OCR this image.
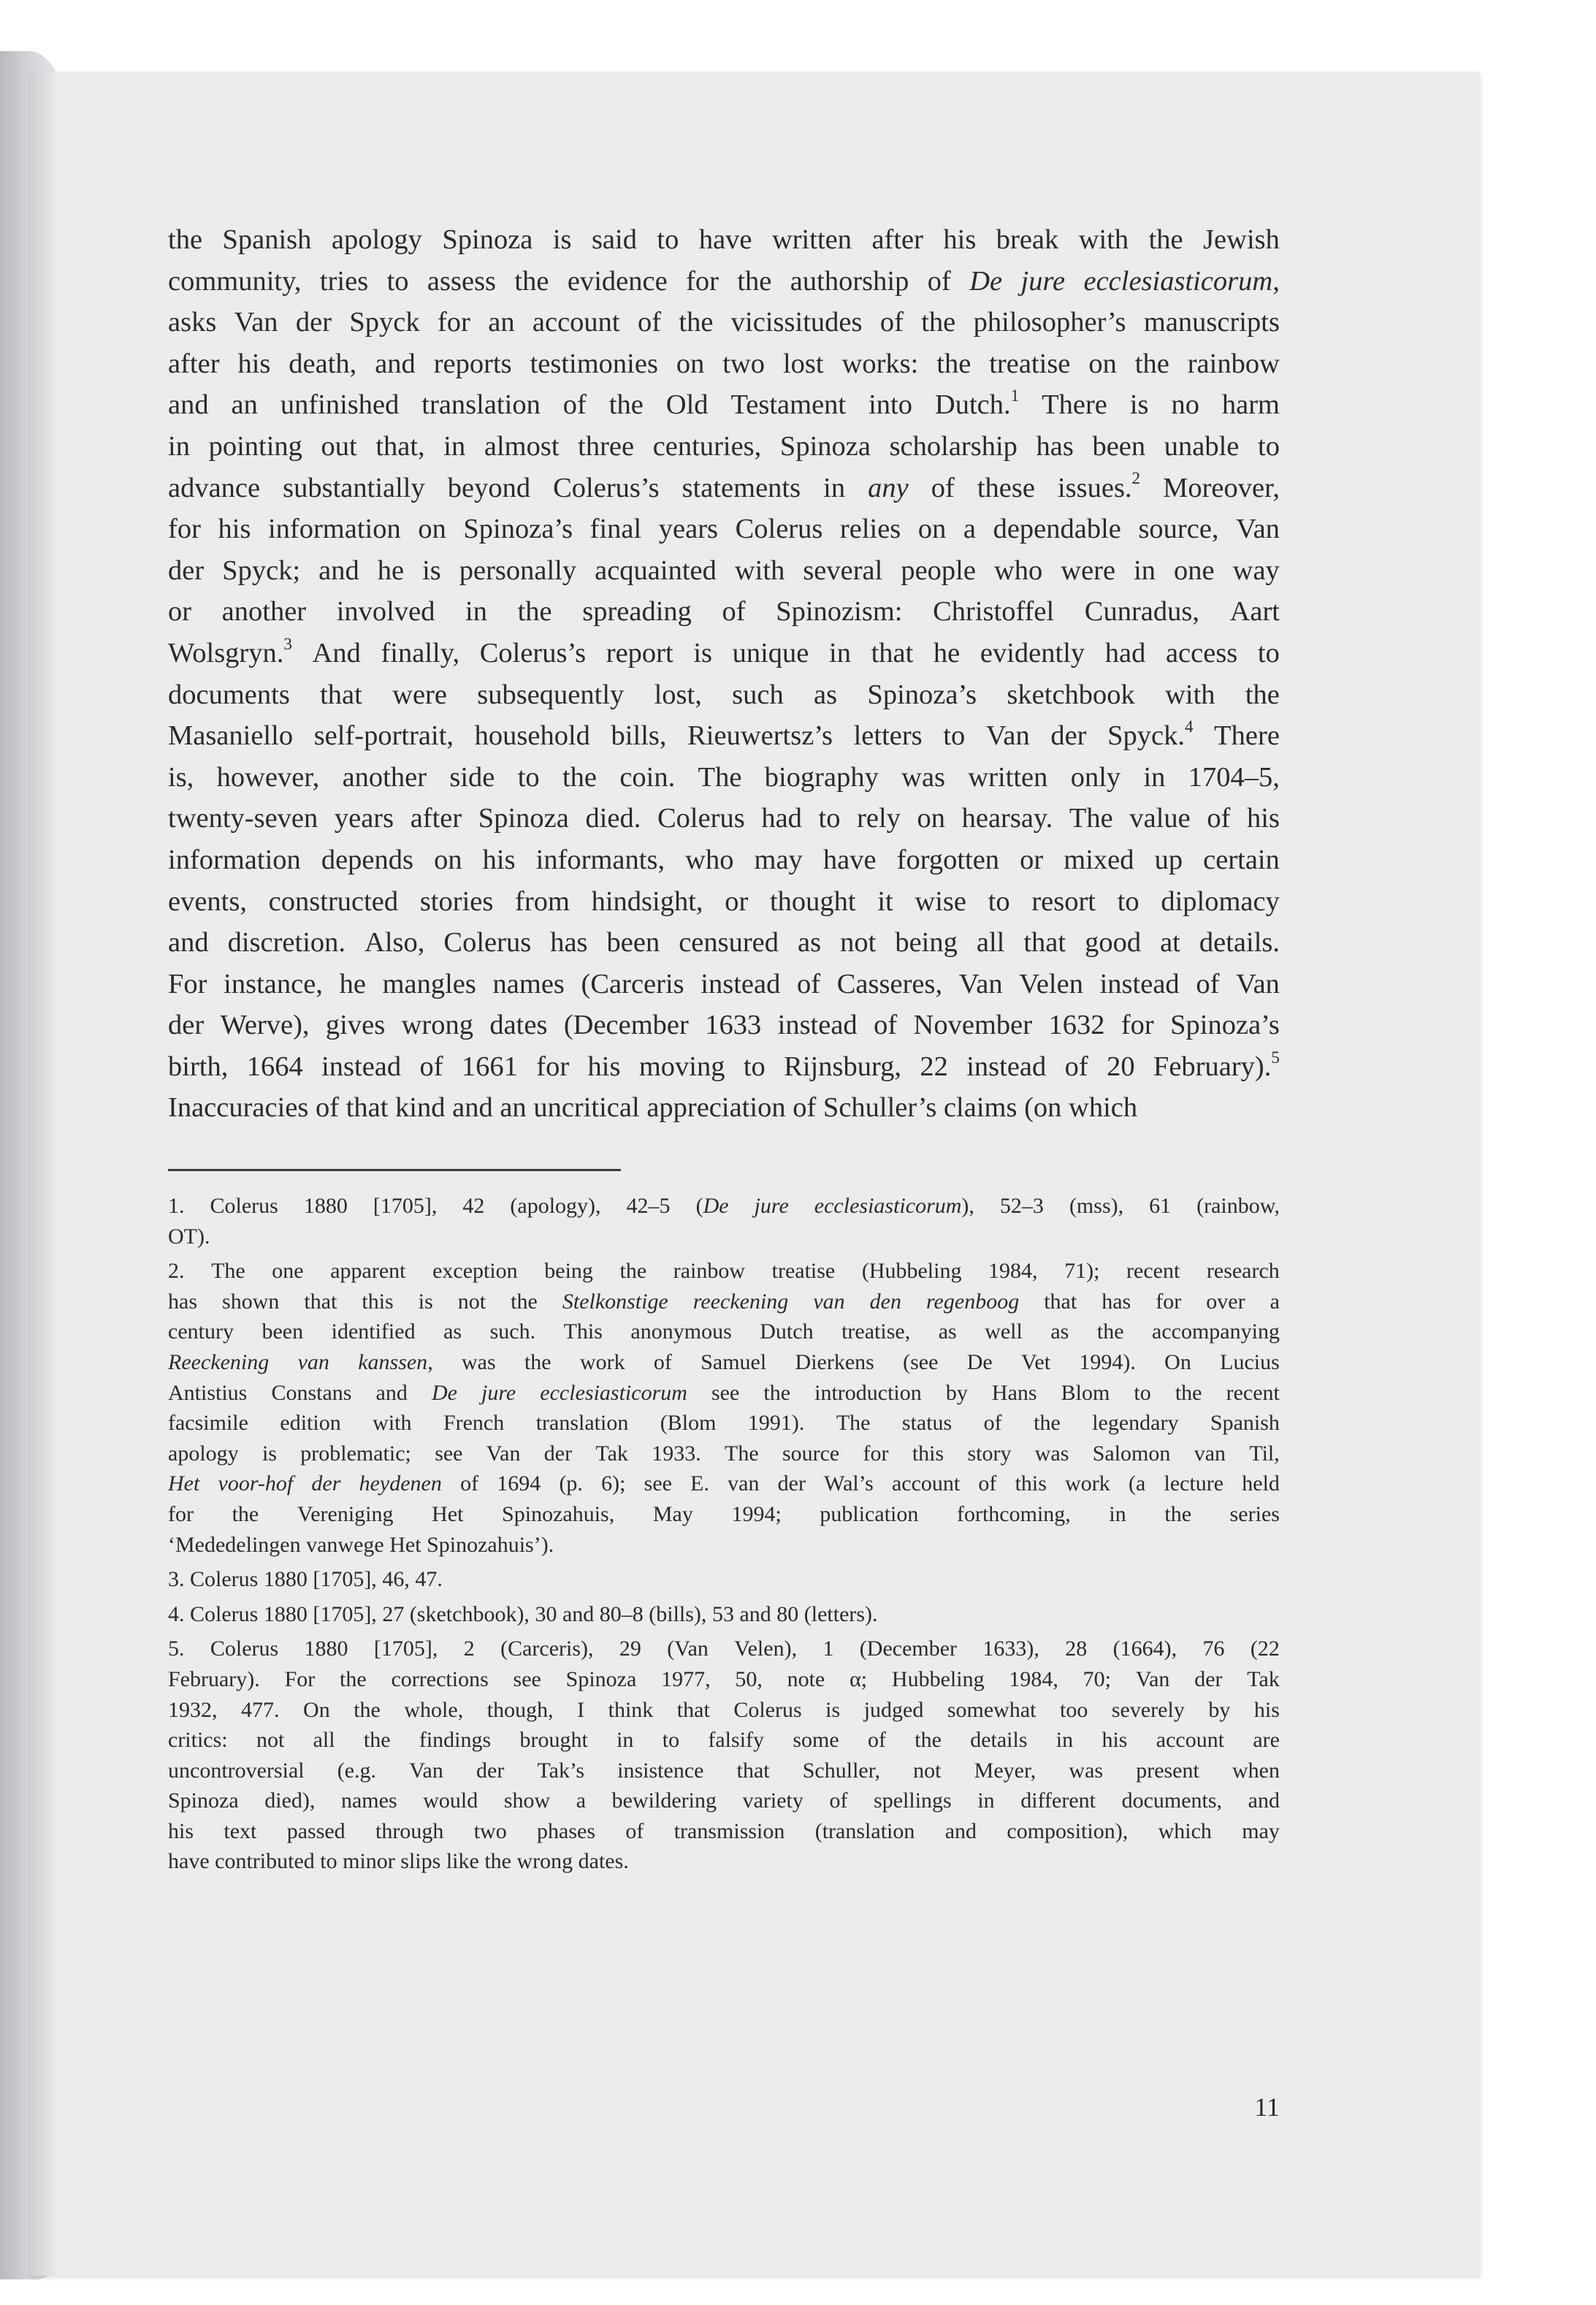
the Spanish apology Spinoza is said to have written after his break with the Jewish
community, tries to assess the evidence for the authorship of De jure ecclesiasticorum,
asks Van der Spyck for an account of the vicissitudes of the philosopher’s manuscripts
after his death, and reports testimonies on two lost works: the treatise on the rainbow
and an unfinished translation of the Old Testament into Dutch.$^1$ There is no harm
in pointing out that, in almost three centuries, Spinoza scholarship has been unable to
advance substantially beyond Colerus’s statements in any of these issues.$^2$ Moreover,
for his information on Spinoza’s final years Colerus relies on a dependable source, Van
der Spyck; and he is personally acquainted with several people who were in one way
or another involved in the spreading of Spinozism: Christoffel Cunradus, Aart
Wolsgryn.$^3$ And finally, Colerus’s report is unique in that he evidently had access to
documents that were subsequently lost, such as Spinoza’s sketchbook with the
Masaniello self-portrait, household bills, Rieuwertsz’s letters to Van der Spyck.$^4$ There
is, however, another side to the coin. The biography was written only in 1704–5,
twenty-seven years after Spinoza died. Colerus had to rely on hearsay. The value of his
information depends on his informants, who may have forgotten or mixed up certain
events, constructed stories from hindsight, or thought it wise to resort to diplomacy
and discretion. Also, Colerus has been censured as not being all that good at details.
For instance, he mangles names (Carceris instead of Casseres, Van Velen instead of Van
der Werve), gives wrong dates (December 1633 instead of November 1632 for Spinoza’s
birth, 1664 instead of 1661 for his moving to Rijnsburg, 22 instead of 20 February).$^5$
Inaccuracies of that kind and an uncritical appreciation of Schuller’s claims (on which
1. Colerus 1880 [1705], 42 (apology), 42–5 (De jure ecclesiasticorum), 52–3 (mss), 61 (rainbow,
OT).
2. The one apparent exception being the rainbow treatise (Hubbeling 1984, 71); recent research
has shown that this is not the Stelkonstige reeckening van den regenboog that has for over a
century been identified as such. This anonymous Dutch treatise, as well as the accompanying
Reeckening van kanssen, was the work of Samuel Dierkens (see De Vet 1994). On Lucius
Antistius Constans and De jure ecclesiasticorum see the introduction by Hans Blom to the recent
facsimile edition with French translation (Blom 1991). The status of the legendary Spanish
apology is problematic; see Van der Tak 1933. The source for this story was Salomon van Til,
Het voor-hof der heydenen of 1694 (p. 6); see E. van der Wal’s account of this work (a lecture held
for the Vereniging Het Spinozahuis, May 1994; publication forthcoming, in the series
‘Mededelingen vanwege Het Spinozahuis’).
3. Colerus 1880 [1705], 46, 47.
4. Colerus 1880 [1705], 27 (sketchbook), 30 and 80–8 (bills), 53 and 80 (letters).
5. Colerus 1880 [1705], 2 (Carceris), 29 (Van Velen), 1 (December 1633), 28 (1664), 76 (22
February). For the corrections see Spinoza 1977, 50, note α; Hubbeling 1984, 70; Van der Tak
1932, 477. On the whole, though, I think that Colerus is judged somewhat too severely by his
critics: not all the findings brought in to falsify some of the details in his account are
uncontroversial (e.g. Van der Tak’s insistence that Schuller, not Meyer, was present when
Spinoza died), names would show a bewildering variety of spellings in different documents, and
his text passed through two phases of transmission (translation and composition), which may
have contributed to minor slips like the wrong dates.
11
